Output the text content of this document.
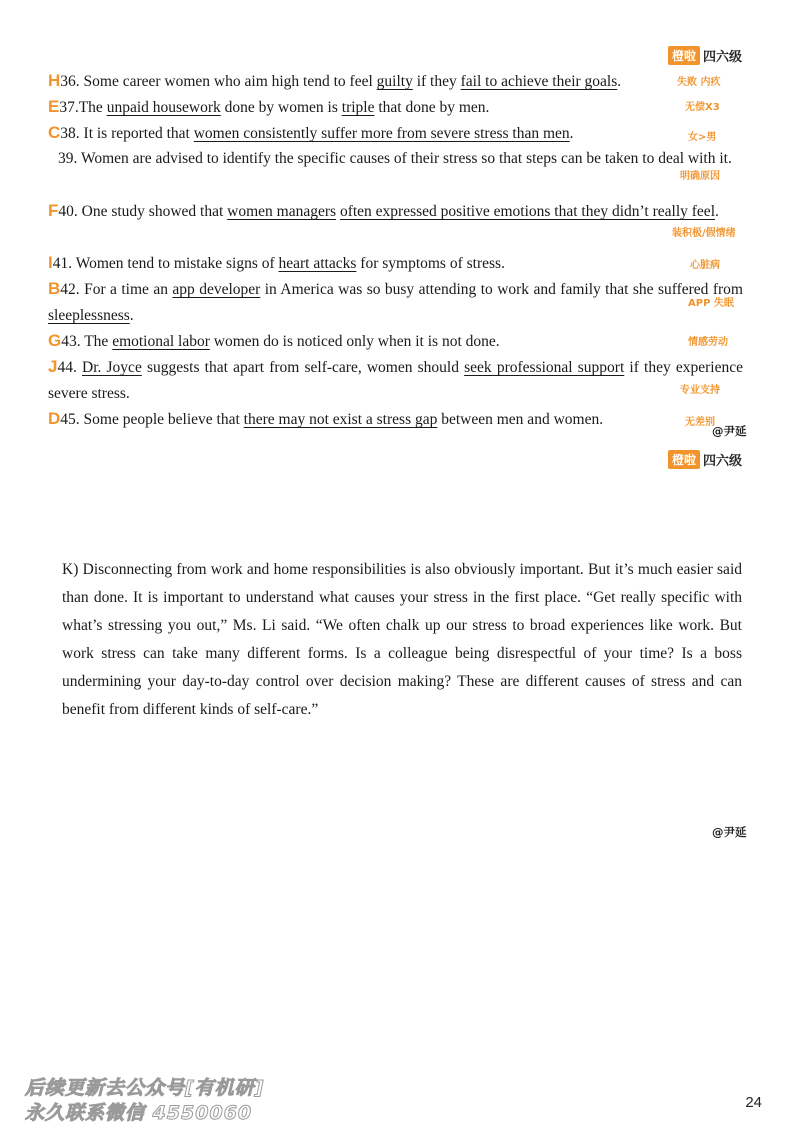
橙啦 四六级
H36. Some career women who aim high tend to feel guilty if they fail to achieve their goals.
E37.The unpaid housework done by women is triple that done by men.
C38. It is reported that women consistently suffer more from severe stress than men.
39. Women are advised to identify the specific causes of their stress so that steps can be taken to deal with it.
F40. One study showed that women managers often expressed positive emotions that they didn’t really feel.
I41. Women tend to mistake signs of heart attacks for symptoms of stress.
B42. For a time an app developer in America was so busy attending to work and family that she suffered from sleeplessness.
G43. The emotional labor women do is noticed only when it is not done.
J44. Dr. Joyce suggests that apart from self-care, women should seek professional support if they experience severe stress.
D45. Some people believe that there may not exist a stress gap between men and women.
失败 内疚
无偿X3
女>男
明确原因
装积极/假情绪
心脏病
APP 失眠
情感劳动
专业支持
无差别
@尹延
橙啦 四六级

K) Disconnecting from work and home responsibilities is also obviously important. But it’s much easier said than done. It is important to understand what causes your stress in the first place. “Get really specific with what’s stressing you out,” Ms. Li said. “We often chalk up our stress to broad experiences like work. But work stress can take many different forms. Is a colleague being disrespectful of your time? Is a boss undermining your day-to-day control over decision making? These are different causes of stress and can benefit from different kinds of self-care.”

@尹延
后续更新去公众号[有机研]
永久联系微信 4550060	24
